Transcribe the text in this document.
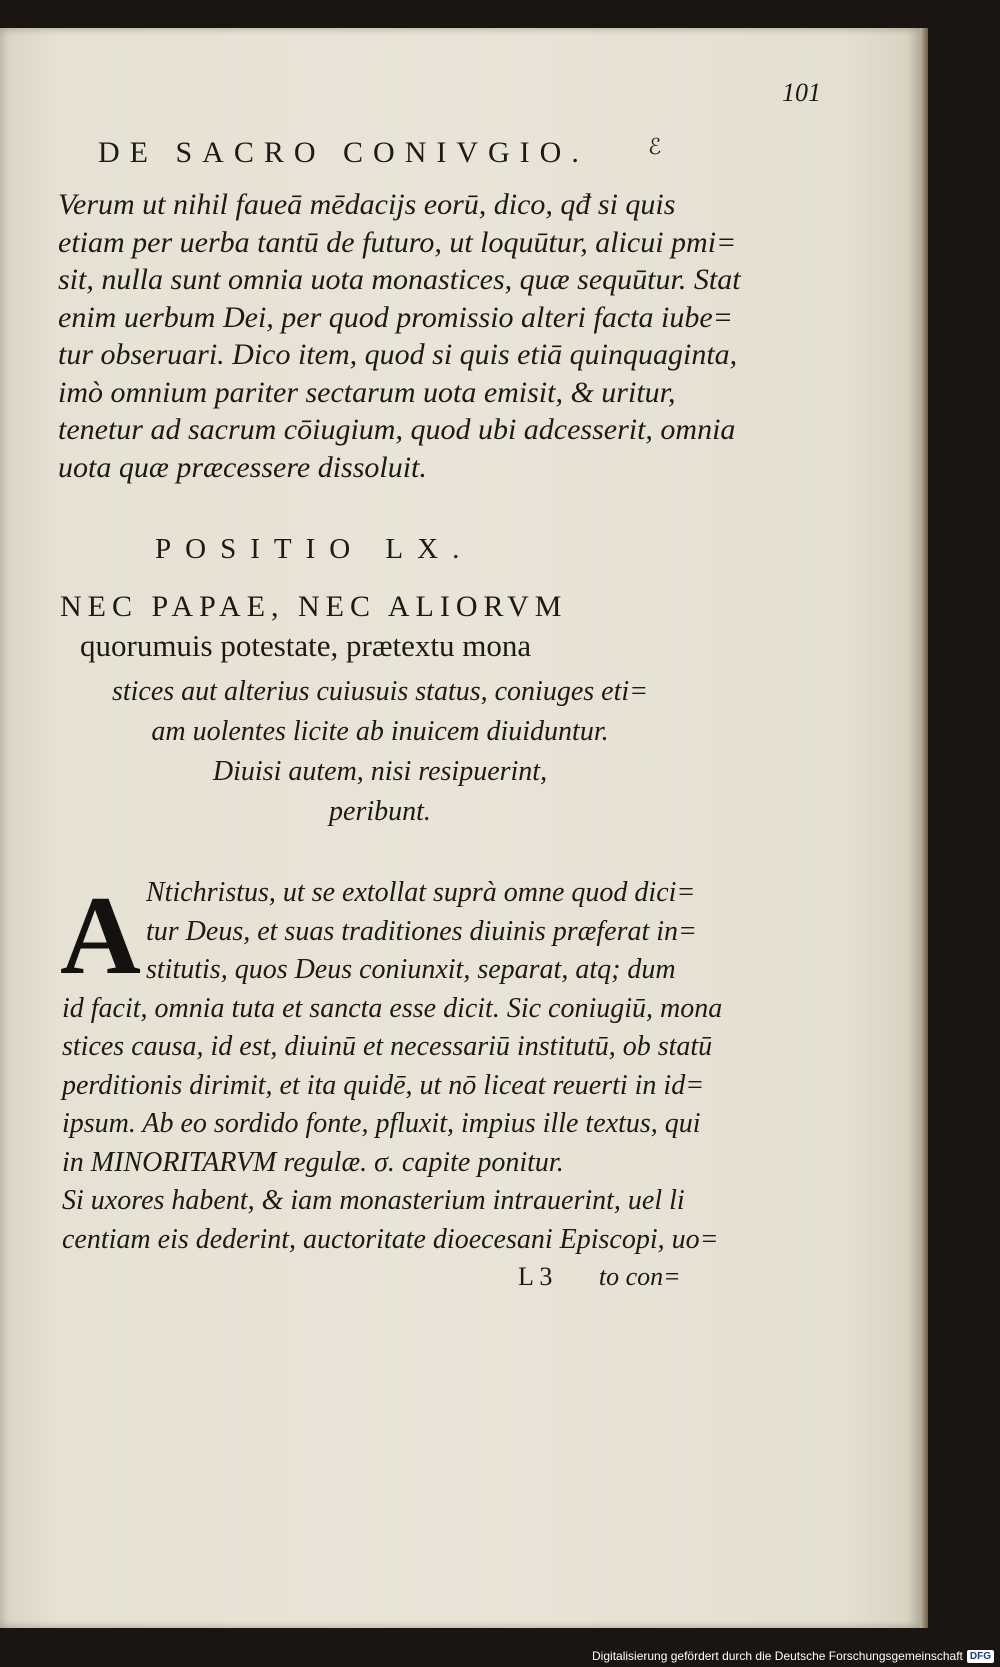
101
DE SACRO CONIVGIO.	ℰ
Verum ut nihil faueā mēdacijs eorū, dico, qđ si quis
etiam per uerba tantū de futuro, ut loquūtur, alicui pmi=
sit, nulla sunt omnia uota monastices, quæ sequūtur. Stat
enim uerbum Dei, per quod promissio alteri facta iube=
tur obseruari. Dico item, quod si quis etiā quinquaginta,
imò omnium pariter sectarum uota emisit, & uritur,
tenetur ad sacrum cōiugium, quod ubi adcesserit, omnia
uota quæ præcessere dissoluit.
POSITIO LX.
NEC PAPAE, NEC ALIORVM
quorumuis potestate, prætextu mona
stices aut alterius cuiusuis status, coniuges eti=
am uolentes licite ab inuicem diuiduntur.
Diuisi autem, nisi resipuerint,
peribunt.
A Ntichristus, ut se extollat suprà omne quod dici=
tur Deus, et suas traditiones diuinis præferat in=
stitutis, quos Deus coniunxit, separat, atq; dum
id facit, omnia tuta et sancta esse dicit. Sic coniugiū, mona
stices causa, id est, diuinū et necessariū institutū, ob statū
perditionis dirimit, et ita quidē, ut nō liceat reuerti in id=
ipsum. Ab eo sordido fonte, pfluxit, impius ille textus, qui
in MINORITARVM regulæ. σ. capite ponitur.
Si uxores habent, & iam monasterium intrauerint, uel li
centiam eis dederint, auctoritate dioecesani Episcopi, uo=
L 3 to con=
Digitalisierung gefördert durch die Deutsche Forschungsgemeinschaft DFG
